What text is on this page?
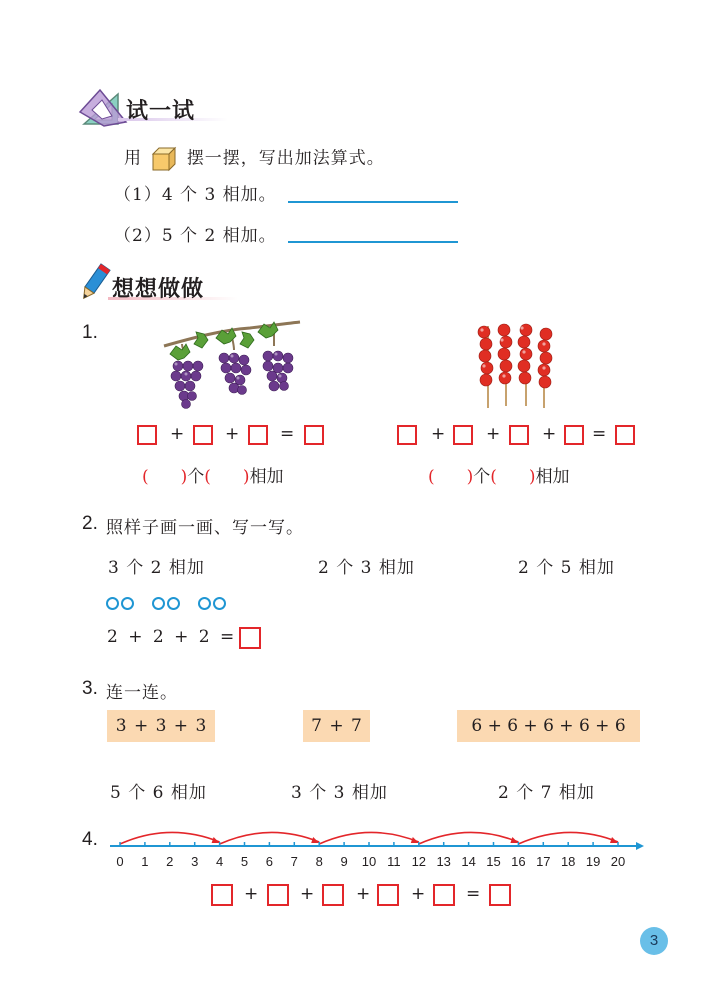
试一试
用	摆一摆，写出加法算式。
（1）4 个 3 相加。
（2）5 个 2 相加。
想想做做
1.
+ + =	+ + + =
( )个( )相加	( )个( )相加
2. 照样子画一画、写一写。
3 个 2 相加	2 个 3 相加	2 个 5 相加
2 + 2 + 2 =
3. 连一连。
3 + 3 + 3	7 + 7	6 + 6 + 6 + 6 + 6
5 个 6 相加	3 个 3 相加	2 个 7 相加
4.
0	1	2	3	4	5	6	7	8	9	10 11 12 13 14 15 16 17 18 19 20
+ + + + =
3
